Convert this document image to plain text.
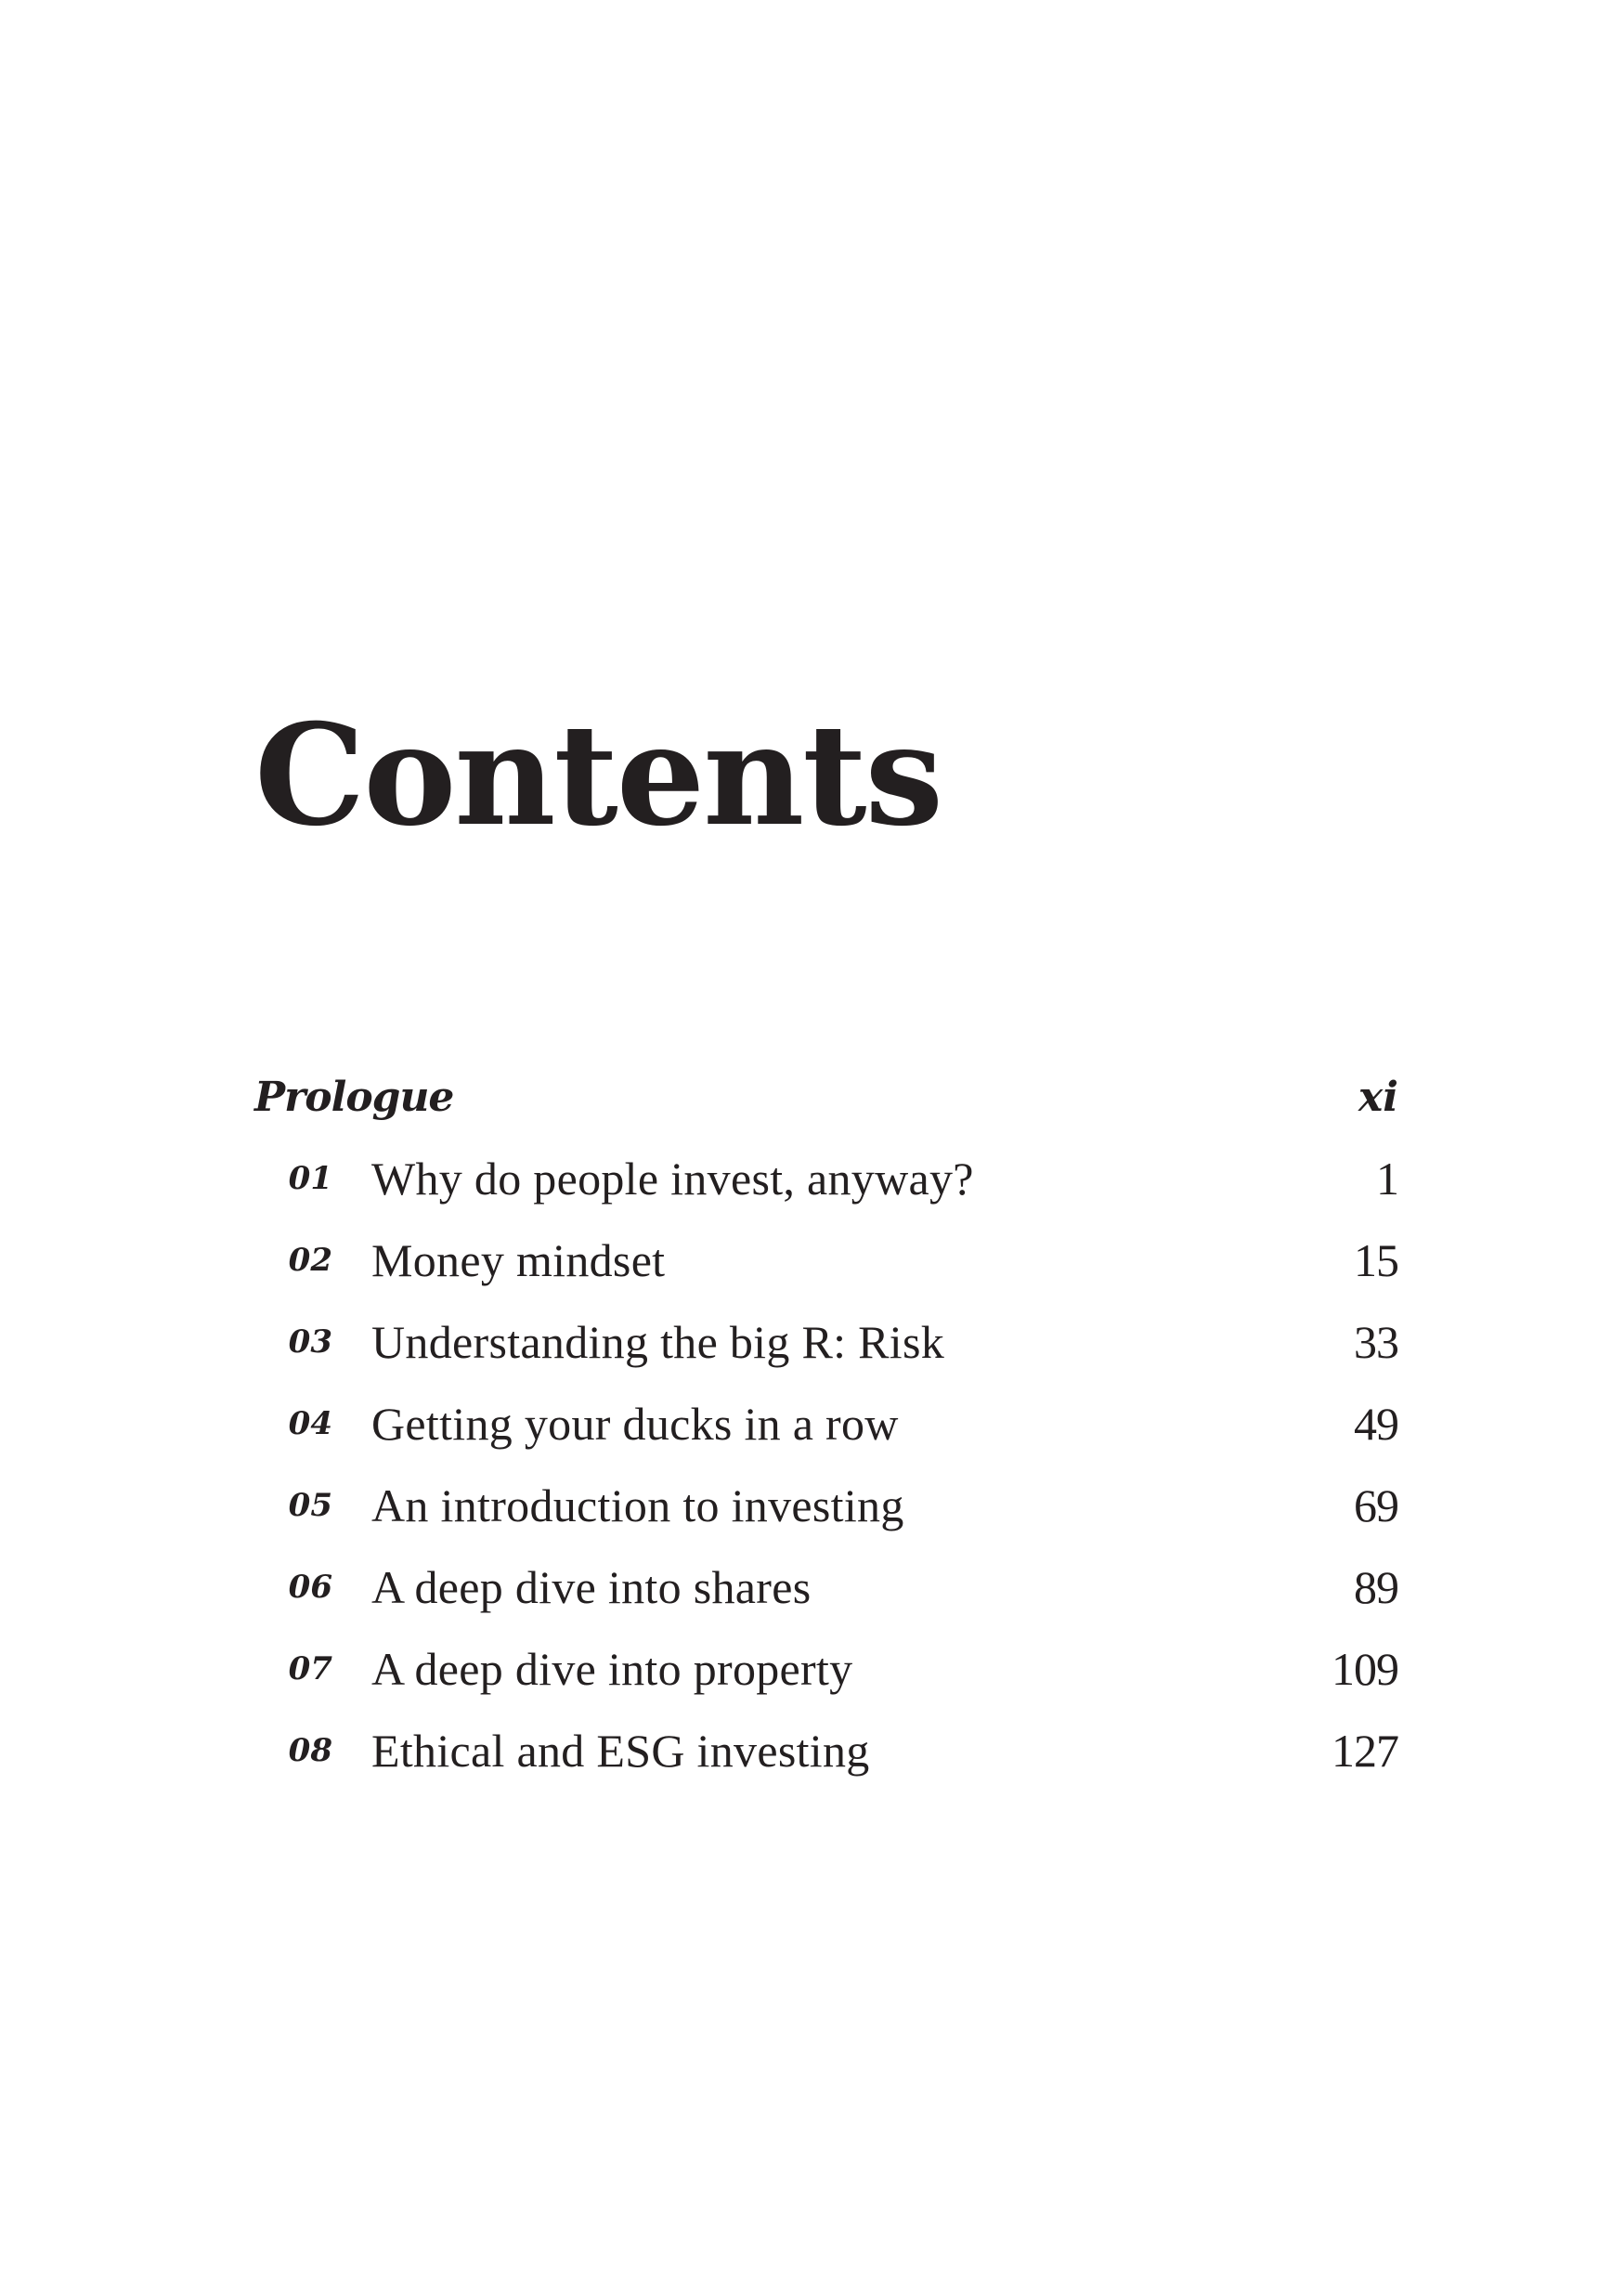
Contents
Prologue	xi
01 Why do people invest, anyway?	1
02 Money mindset	15
03 Understanding the big R: Risk	33
04 Getting your ducks in a row	49
05 An introduction to investing	69
06 A deep dive into shares	89
07 A deep dive into property	109
08 Ethical and ESG investing	127
